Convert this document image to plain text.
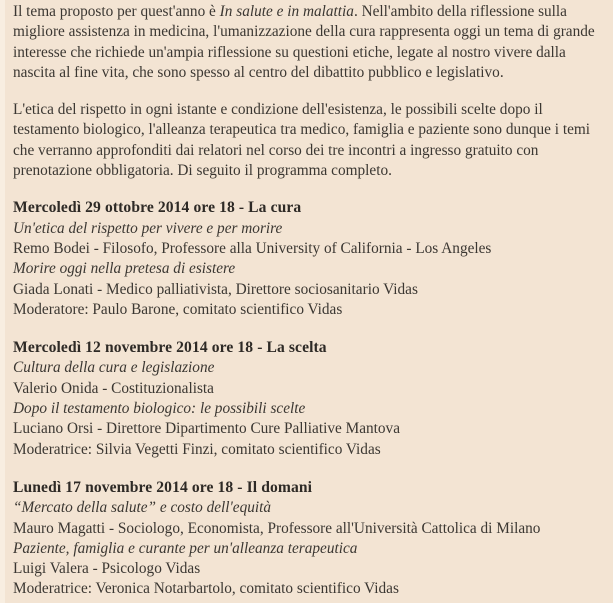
Il tema proposto per quest'anno è In salute e in malattia. Nell'ambito della riflessione sulla migliore assistenza in medicina, l'umanizzazione della cura rappresenta oggi un tema di grande interesse che richiede un'ampia riflessione su questioni etiche, legate al nostro vivere dalla nascita al fine vita, che sono spesso al centro del dibattito pubblico e legislativo.

L'etica del rispetto in ogni istante e condizione dell'esistenza, le possibili scelte dopo il testamento biologico, l'alleanza terapeutica tra medico, famiglia e paziente sono dunque i temi che verranno approfonditi dai relatori nel corso dei tre incontri a ingresso gratuito con prenotazione obbligatoria. Di seguito il programma completo.

Mercoledì 29 ottobre 2014 ore 18 - La cura
Un'etica del rispetto per vivere e per morire
Remo Bodei - Filosofo, Professore alla University of California - Los Angeles
Morire oggi nella pretesa di esistere
Giada Lonati - Medico palliativista, Direttore sociosanitario Vidas
Moderatore: Paulo Barone, comitato scientifico Vidas
Mercoledì 12 novembre 2014 ore 18 - La scelta
Cultura della cura e legislazione
Valerio Onida - Costituzionalista
Dopo il testamento biologico: le possibili scelte
Luciano Orsi - Direttore Dipartimento Cure Palliative Mantova
Moderatrice: Silvia Vegetti Finzi, comitato scientifico Vidas
Lunedì 17 novembre 2014 ore 18 - Il domani
“Mercato della salute” e costo dell'equità
Mauro Magatti - Sociologo, Economista, Professore all'Università Cattolica di Milano
Paziente, famiglia e curante per un'alleanza terapeutica
Luigi Valera - Psicologo Vidas
Moderatrice: Veronica Notarbartolo, comitato scientifico Vidas
